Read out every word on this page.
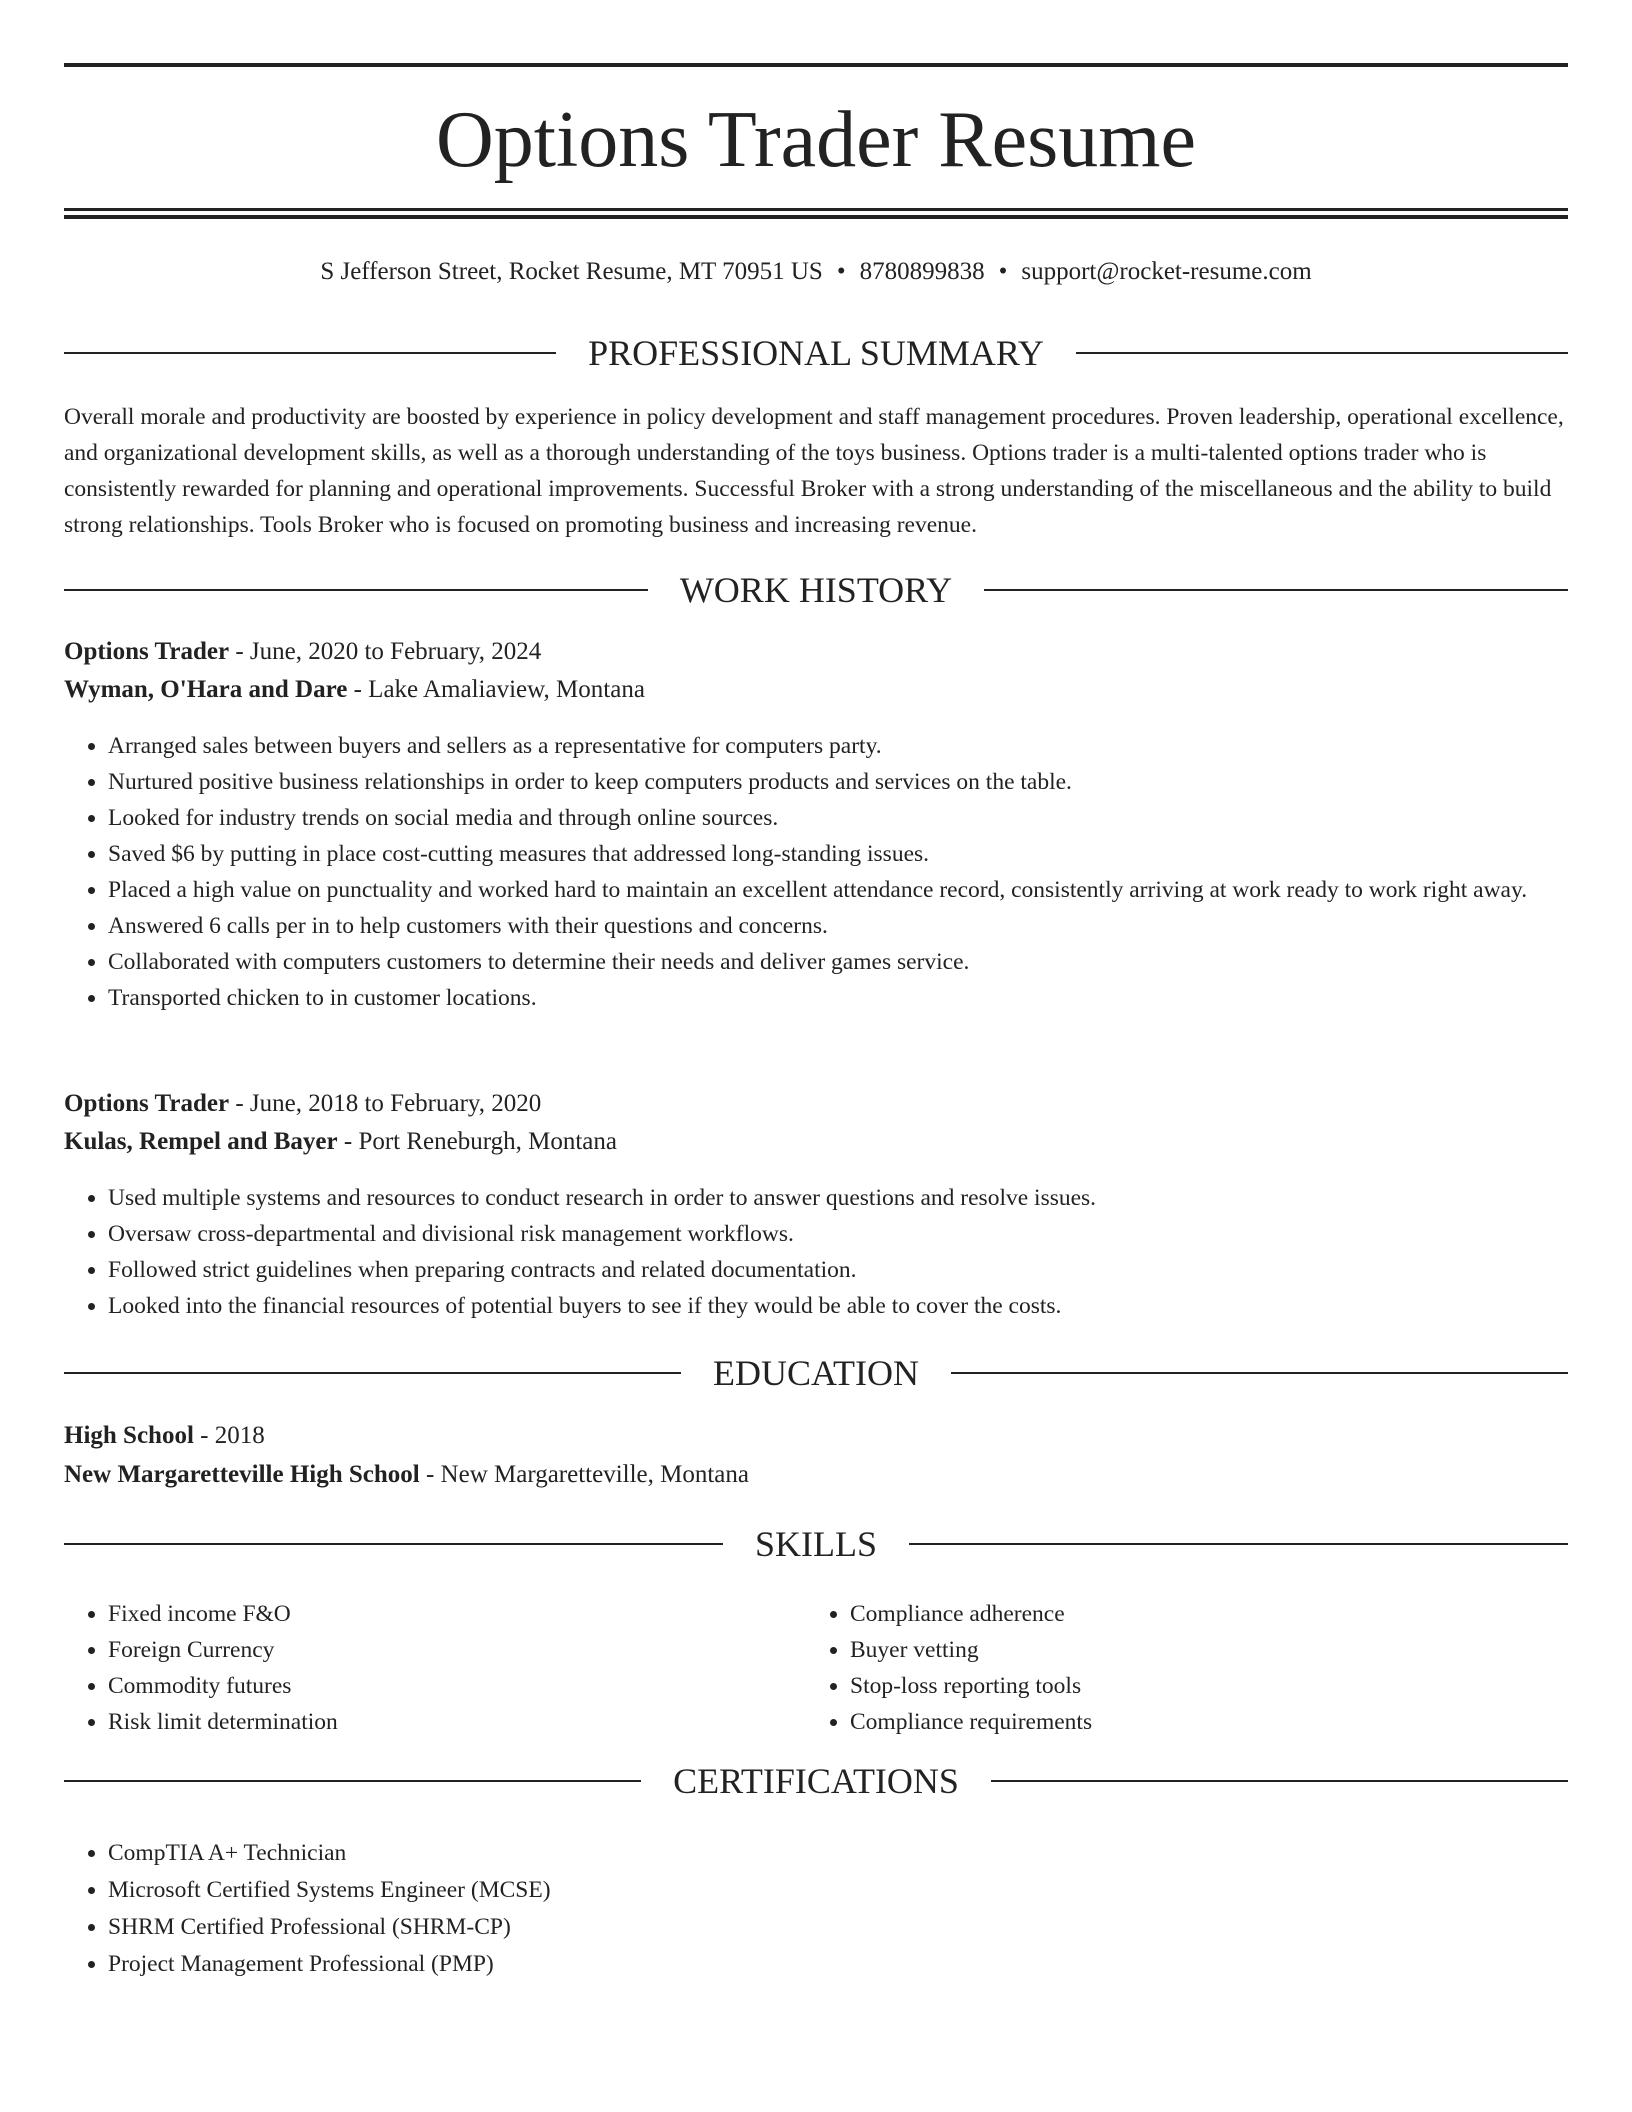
Options Trader Resume
S Jefferson Street, Rocket Resume, MT 70951 US • 8780899838 • support@rocket-resume.com
PROFESSIONAL SUMMARY

Overall morale and productivity are boosted by experience in policy development and staff management procedures. Proven leadership, operational excellence, and organizational development skills, as well as a thorough understanding of the toys business. Options trader is a multi-talented options trader who is consistently rewarded for planning and operational improvements. Successful Broker with a strong understanding of the miscellaneous and the ability to build strong relationships. Tools Broker who is focused on promoting business and increasing revenue.

WORK HISTORY

Options Trader - June, 2020 to February, 2024

Wyman, O'Hara and Dare - Lake Amaliaview, Montana

• Arranged sales between buyers and sellers as a representative for computers party.
• Nurtured positive business relationships in order to keep computers products and services on the table.
• Looked for industry trends on social media and through online sources.
• Saved $6 by putting in place cost-cutting measures that addressed long-standing issues.
• Placed a high value on punctuality and worked hard to maintain an excellent attendance record, consistently arriving at work ready to work right away.
• Answered 6 calls per in to help customers with their questions and concerns.
• Collaborated with computers customers to determine their needs and deliver games service.
• Transported chicken to in customer locations.

Options Trader - June, 2018 to February, 2020

Kulas, Rempel and Bayer - Port Reneburgh, Montana

• Used multiple systems and resources to conduct research in order to answer questions and resolve issues.
• Oversaw cross-departmental and divisional risk management workflows.
• Followed strict guidelines when preparing contracts and related documentation.
• Looked into the financial resources of potential buyers to see if they would be able to cover the costs.
EDUCATION

High School - 2018

New Margaretteville High School - New Margaretteville, Montana

SKILLS
• Fixed income F&O
• Foreign Currency
• Commodity futures
• Risk limit determination
• Compliance adherence
• Buyer vetting
• Stop-loss reporting tools
• Compliance requirements
CERTIFICATIONS
• CompTIA A+ Technician
• Microsoft Certified Systems Engineer (MCSE)
• SHRM Certified Professional (SHRM-CP)
• Project Management Professional (PMP)
